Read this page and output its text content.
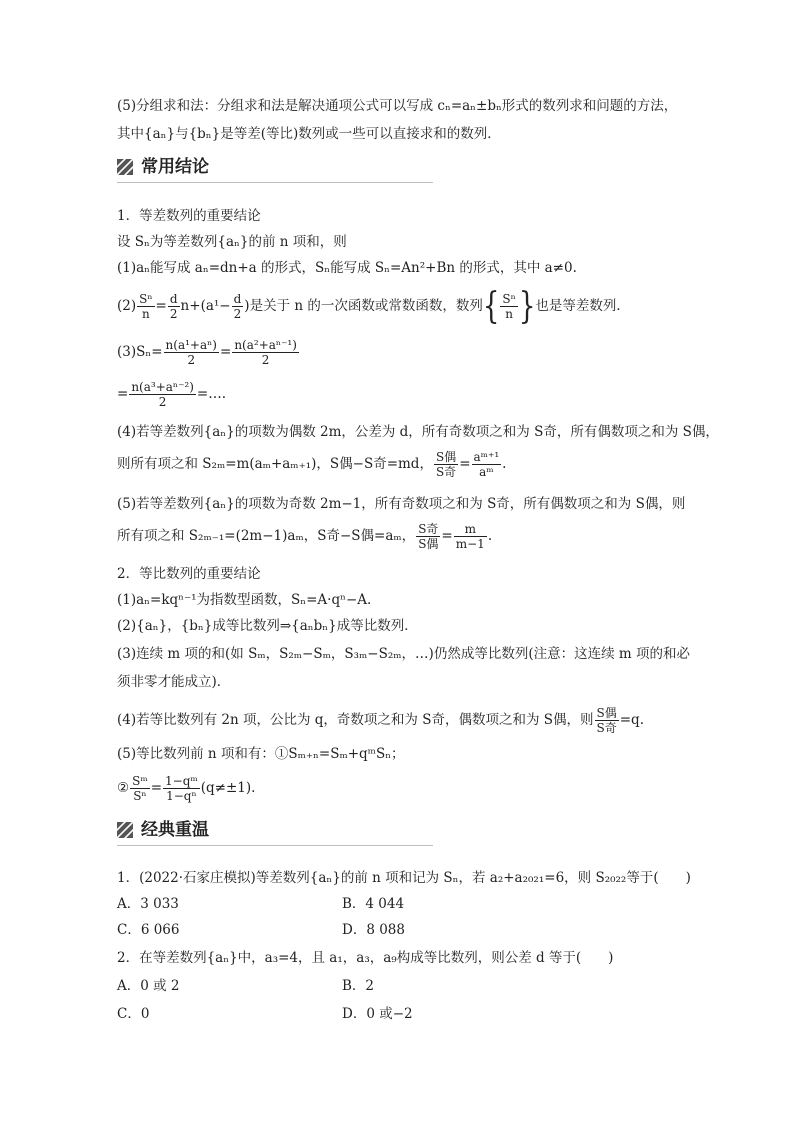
(5)分组求和法：分组求和法是解决通项公式可以写成 cₙ=aₙ±bₙ形式的数列求和问题的方法，
其中{aₙ}与{bₙ}是等差(等比)数列或一些可以直接求和的数列．
常用结论
1．等差数列的重要结论
设 Sₙ为等差数列{aₙ}的前 n 项和，则
(1)aₙ能写成 aₙ=dn+a 的形式，Sₙ能写成 Sₙ=An²+Bn 的形式，其中 a≠0.
$(2) \frac{\text{Sⁿ}}{n} = \frac{d}{2} n+(a^1- \frac{d}{2}$ )是关于 n 的一次函数或常数函数，数列{ $\frac{\text{Sⁿ}}{n}$ }也是等差数列．
$(3)S_n= \frac{\text{n(a¹+aⁿ)}}{2} = \frac{\text{n(a²+aⁿ⁻¹)}}{2}$
= $\frac{\text{n(a³+aⁿ⁻²)}}{2}$ =….
(4)若等差数列{aₙ}的项数为偶数 2m，公差为 d，所有奇数项之和为 S奇，所有偶数项之和为 S偶，
则所有项之和 S₂ₘ=m(aₘ+aₘ₊₁)，S偶−S奇=md， $\frac{\text{S偶}}{\text{S奇}} = \frac{\text{aᵐ⁺¹}}{\text{aᵐ}}$ .
(5)若等差数列{aₙ}的项数为奇数 2m−1，所有奇数项之和为 S奇，所有偶数项之和为 S偶，则
所有项之和 S₂ₘ₋₁=(2m−1)aₘ，S奇−S偶=aₘ， $\frac{\text{S奇}}{\text{S偶}} = \frac{m}{m-1}$ .
2．等比数列的重要结论
(1)aₙ=kqⁿ⁻¹为指数型函数，Sₙ=A·qⁿ−A.
(2){aₙ}，{bₙ}成等比数列⇒{aₙbₙ}成等比数列．
(3)连续 m 项的和(如 Sₘ，S₂ₘ−Sₘ，S₃ₘ−S₂ₘ，…)仍然成等比数列(注意：这连续 m 项的和必
须非零才能成立)．
(4)若等比数列有 2n 项，公比为 q，奇数项之和为 S奇，偶数项之和为 S偶，则 $\frac{\text{S偶}}{\text{S奇}} =q$.
(5)等比数列前 n 项和有：①Sₘ₊ₙ=Sₘ+qᵐSₙ；
② $\frac{\text{Sᵐ}}{\text{Sⁿ}} = \frac{\text{1−qᵐ}}{\text{1−qⁿ}} (q\ne\pm 1)$.
经典重温
1．(2022·石家庄模拟)等差数列{aₙ}的前 n 项和记为 Sₙ，若 a₂+a₂₀₂₁=6，则 S₂₀₂₂等于(　　)
A．3 033	B．4 044
C．6 066	D．8 088
2．在等差数列{aₙ}中，a₃=4，且 a₁，a₃，a₉构成等比数列，则公差 d 等于(　　)
A．0 或 2	B．2
C．0	D．0 或−2
